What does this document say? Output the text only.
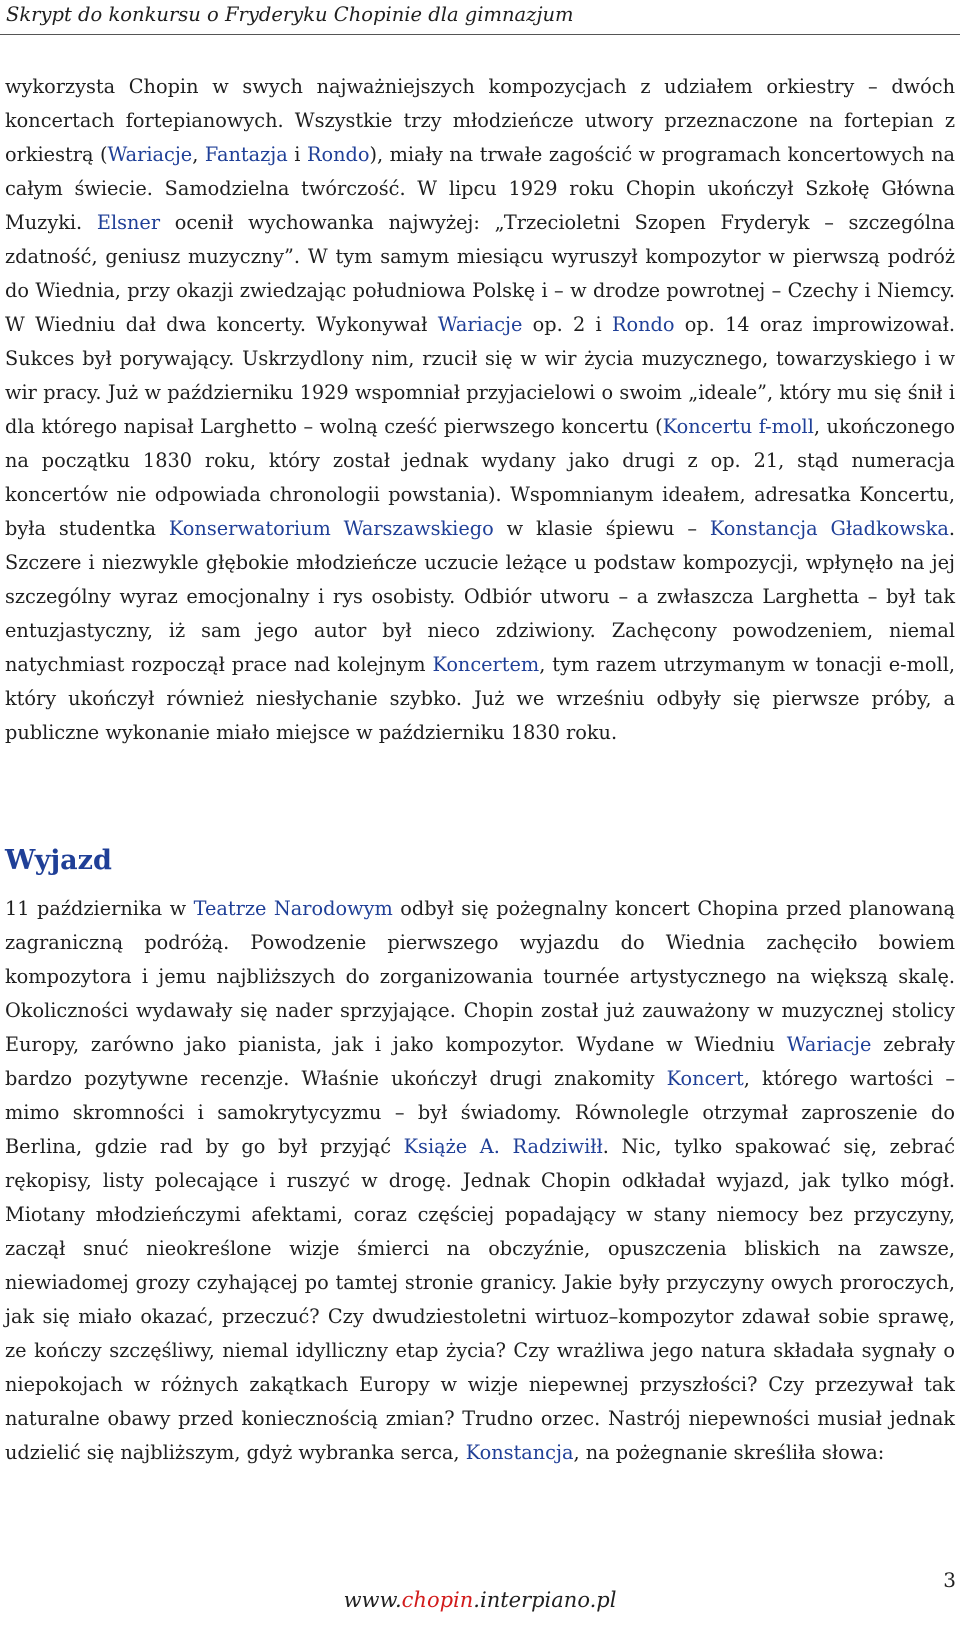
Skrypt do konkursu o Fryderyku Chopinie dla gimnazjum

wykorzysta Chopin w swych najważniejszych kompozycjach z udziałem orkiestry – dwóch koncertach fortepianowych. Wszystkie trzy młodzieńcze utwory przeznaczone na fortepian z orkiestrą (Wariacje, Fantazja i Rondo), miały na trwałe zagościć w programach koncertowych na całym świecie. Samodzielna twórczość. W lipcu 1929 roku Chopin ukończył Szkołę Główna Muzyki. Elsner ocenił wychowanka najwyżej: „Trzecioletni Szopen Fryderyk – szczególna zdatność, geniusz muzyczny”. W tym samym miesiącu wyruszył kompozytor w pierwszą podróż do Wiednia, przy okazji zwiedzając południowa Polskę i – w drodze powrotnej – Czechy i Niemcy. W Wiedniu dał dwa koncerty. Wykonywał Wariacje op. 2 i Rondo op. 14 oraz improwizował. Sukces był porywający. Uskrzydlony nim, rzucił się w wir życia muzycznego, towarzyskiego i w wir pracy. Już w październiku 1929 wspomniał przyjacielowi o swoim „ideale”, który mu się śnił i dla którego napisał Larghetto – wolną cześć pierwszego koncertu (Koncertu f-moll, ukończonego na początku 1830 roku, który został jednak wydany jako drugi z op. 21, stąd numeracja koncertów nie odpowiada chronologii powstania). Wspomnianym ideałem, adresatka Koncertu, była studentka Konserwatorium Warszawskiego w klasie śpiewu – Konstancja Gładkowska. Szczere i niezwykle głębokie młodzieńcze uczucie leżące u podstaw kompozycji, wpłynęło na jej szczególny wyraz emocjonalny i rys osobisty. Odbiór utworu – a zwłaszcza Larghetta – był tak entuzjastyczny, iż sam jego autor był nieco zdziwiony. Zachęcony powodzeniem, niemal natychmiast rozpoczął prace nad kolejnym Koncertem, tym razem utrzymanym w tonacji e-moll, który ukończył również niesłychanie szybko. Już we wrześniu odbyły się pierwsze próby, a publiczne wykonanie miało miejsce w październiku 1830 roku.

Wyjazd

11 października w Teatrze Narodowym odbył się pożegnalny koncert Chopina przed planowaną zagraniczną podróżą. Powodzenie pierwszego wyjazdu do Wiednia zachęciło bowiem kompozytora i jemu najbliższych do zorganizowania tournée artystycznego na większą skalę. Okoliczności wydawały się nader sprzyjające. Chopin został już zauważony w muzycznej stolicy Europy, zarówno jako pianista, jak i jako kompozytor. Wydane w Wiedniu Wariacje zebrały bardzo pozytywne recenzje. Właśnie ukończył drugi znakomity Koncert, którego wartości – mimo skromności i samokrytycyzmu – był świadomy. Równolegle otrzymał zaproszenie do Berlina, gdzie rad by go był przyjąć Książe A. Radziwiłł. Nic, tylko spakować się, zebrać rękopisy, listy polecające i ruszyć w drogę. Jednak Chopin odkładał wyjazd, jak tylko mógł. Miotany młodzieńczymi afektami, coraz częściej popadający w stany niemocy bez przyczyny, zaczął snuć nieokreślone wizje śmierci na obczyźnie, opuszczenia bliskich na zawsze, niewiadomej grozy czyhającej po tamtej stronie granicy. Jakie były przyczyny owych proroczych, jak się miało okazać, przeczuć? Czy dwudziestoletni wirtuoz–kompozytor zdawał sobie sprawę, ze kończy szczęśliwy, niemal idylliczny etap życia? Czy wrażliwa jego natura składała sygnały o niepokojach w różnych zakątkach Europy w wizje niepewnej przyszłości? Czy przezywał tak naturalne obawy przed koniecznością zmian? Trudno orzec. Nastrój niepewności musiał jednak udzielić się najbliższym, gdyż wybranka serca, Konstancja, na pożegnanie skreśliła słowa:

3
www.chopin.interpiano.pl
